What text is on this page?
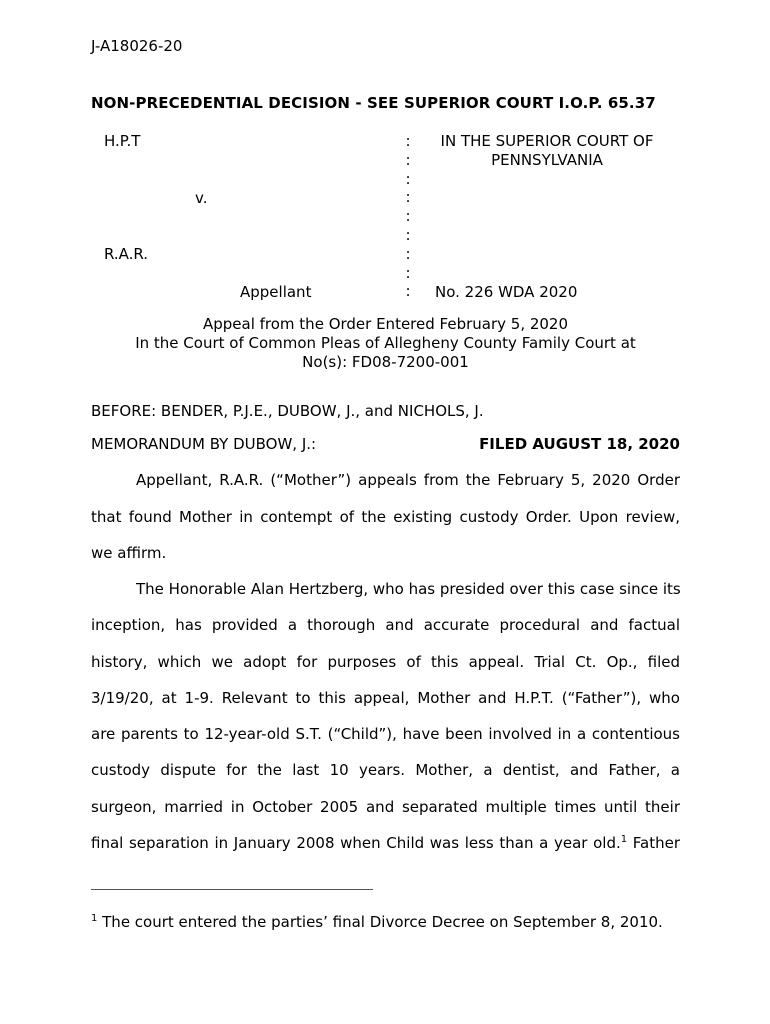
J-A18026-20
NON-PRECEDENTIAL DECISION - SEE SUPERIOR COURT I.O.P. 65.37
H.P.T
v.
R.A.R.
Appellant
:
:
:
:
:
:
:
:
:
IN THE SUPERIOR COURT OF
PENNSYLVANIA
No. 226 WDA 2020
Appeal from the Order Entered February 5, 2020
In the Court of Common Pleas of Allegheny County Family Court at
No(s): FD08-7200-001
BEFORE: BENDER, P.J.E., DUBOW, J., and NICHOLS, J.
MEMORANDUM BY DUBOW, J.:	FILED AUGUST 18, 2020
Appellant, R.A.R. (“Mother”) appeals from the February 5, 2020 Order
that found Mother in contempt of the existing custody Order. Upon review,
we affirm.
The Honorable Alan Hertzberg, who has presided over this case since its
inception, has provided a thorough and accurate procedural and factual
history, which we adopt for purposes of this appeal. Trial Ct. Op., filed
3/19/20, at 1-9. Relevant to this appeal, Mother and H.P.T. (“Father”), who
are parents to 12-year-old S.T. (“Child”), have been involved in a contentious
custody dispute for the last 10 years. Mother, a dentist, and Father, a
surgeon, married in October 2005 and separated multiple times until their
final separation in January 2008 when Child was less than a year old.$^1$ Father
$^1$ The court entered the parties’ final Divorce Decree on September 8, 2010.
